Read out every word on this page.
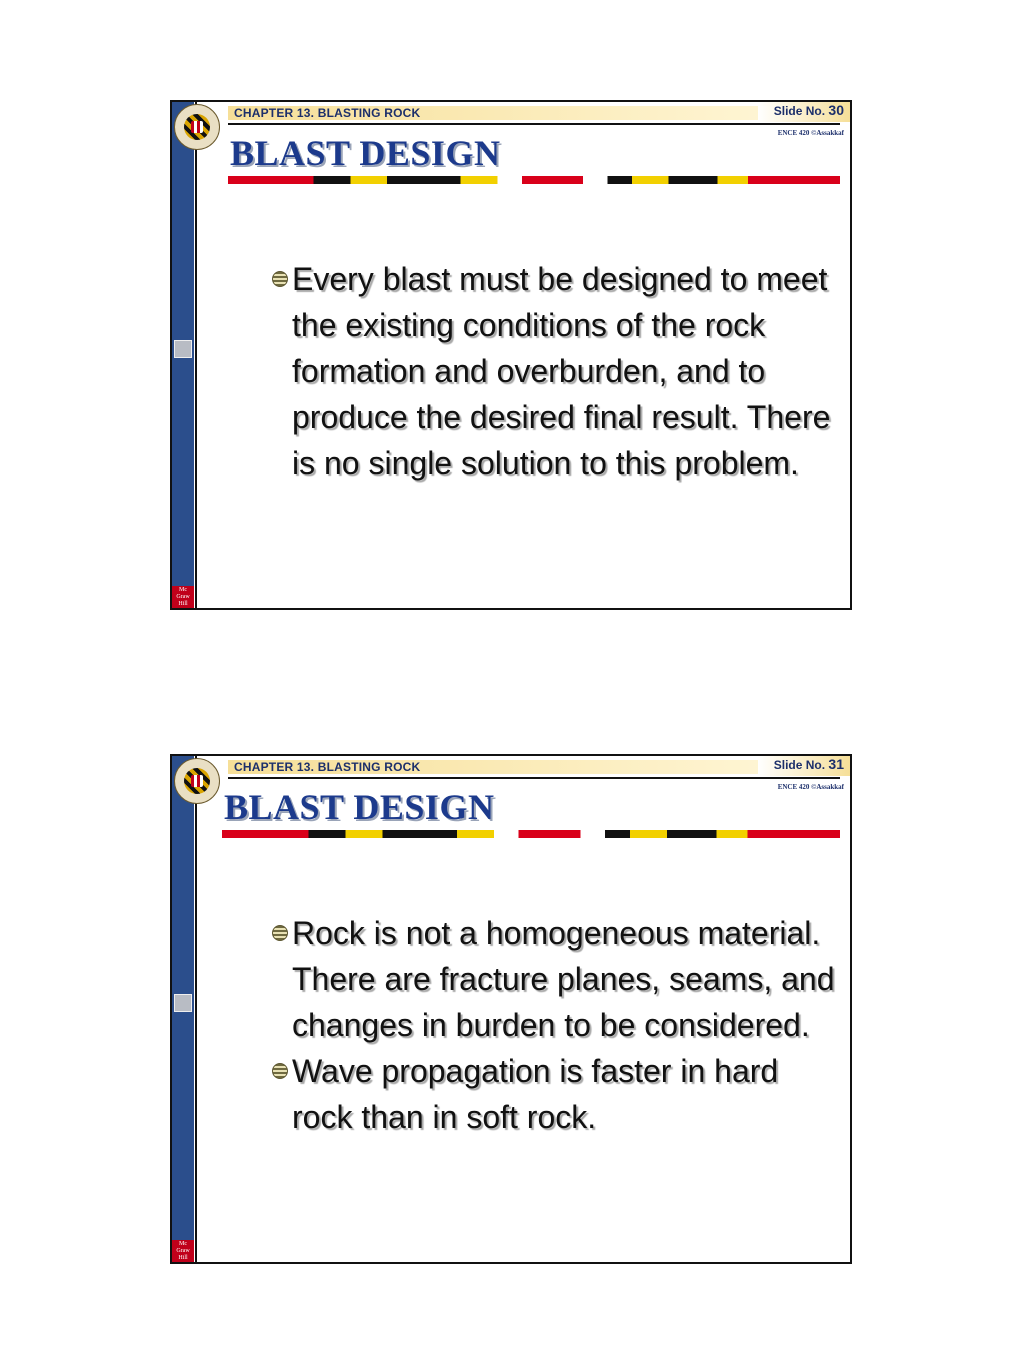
Mc
Graw
Hill
CHAPTER 13. BLASTING ROCK	Slide No. 30
ENCE 420 ©Assakkaf
BLAST DESIGN
Every blast must be designed to meet the existing conditions of the rock formation and overburden, and to produce the desired final result. There is no single solution to this problem.
Mc
Graw
Hill
CHAPTER 13. BLASTING ROCK	Slide No. 31
ENCE 420 ©Assakkaf
BLAST DESIGN
Rock is not a homogeneous material. There are fracture planes, seams, and changes in burden to be considered.
Wave propagation is faster in hard rock than in soft rock.
